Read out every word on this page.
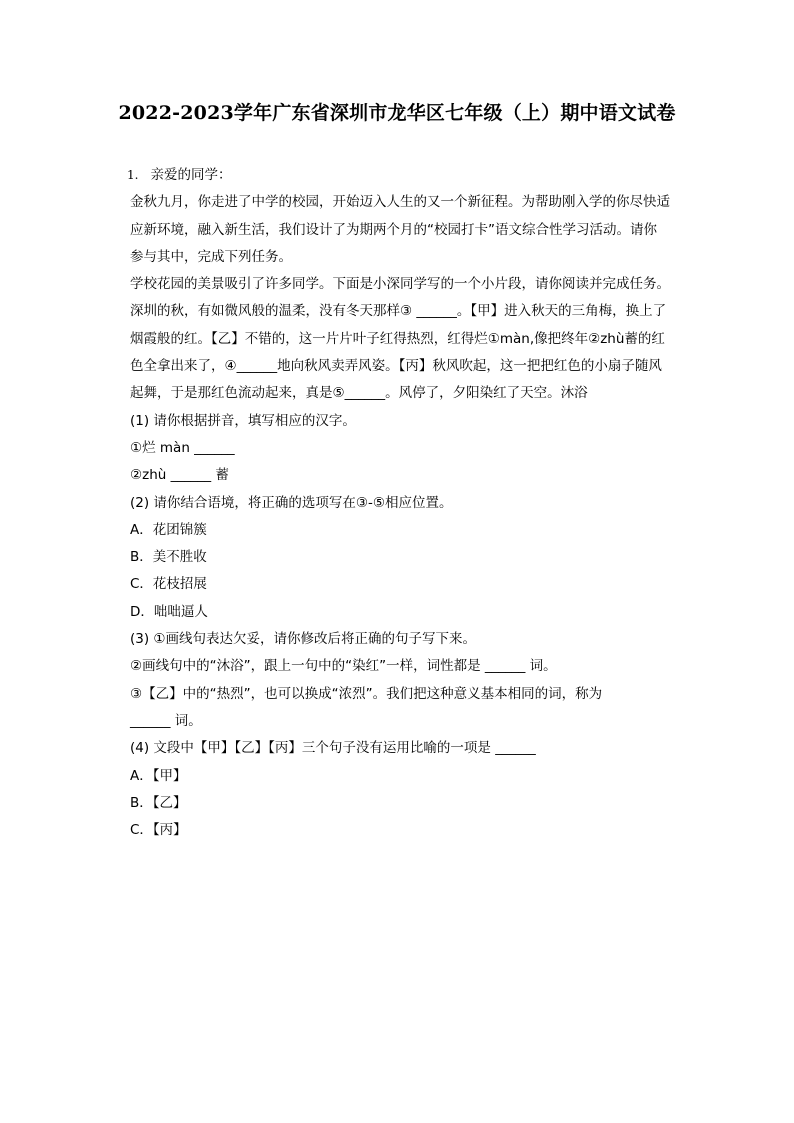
2022-2023学年广东省深圳市龙华区七年级（上）期中语文试卷
1. 亲爱的同学：
金秋九月，你走进了中学的校园，开始迈入人生的又一个新征程。为帮助刚入学的你尽快适
应新环境，融入新生活，我们设计了为期两个月的“校园打卡”语文综合性学习活动。请你
参与其中，完成下列任务。
学校花园的美景吸引了许多同学。下面是小深同学写的一个小片段，请你阅读并完成任务。
深圳的秋，有如微风般的温柔，没有冬天那样③ ______。【甲】进入秋天的三角梅，换上了
烟霞般的红。【乙】不错的，这一片片叶子红得热烈，红得烂①màn,像把终年②zhù蓄的红
色全拿出来了，④______地向秋风卖弄风姿。【丙】秋风吹起，这一把把红色的小扇子随风
起舞，于是那红色流动起来，真是⑤______。风停了，夕阳染红了天空。沐浴
(1) 请你根据拼音，填写相应的汉字。
①烂 màn ______
②zhù ______ 蓄
(2) 请你结合语境，将正确的选项写在③-⑤相应位置。
A．花团锦簇
B．美不胜收
C．花枝招展
D．咄咄逼人
(3) ①画线句表达欠妥，请你修改后将正确的句子写下来。
②画线句中的“沐浴”，跟上一句中的“染红”一样，词性都是 ______ 词。
③【乙】中的“热烈”，也可以换成“浓烈”。我们把这种意义基本相同的词，称为
______ 词。
(4) 文段中【甲】【乙】【丙】三个句子没有运用比喻的一项是 ______
A．【甲】
B．【乙】
C．【丙】
